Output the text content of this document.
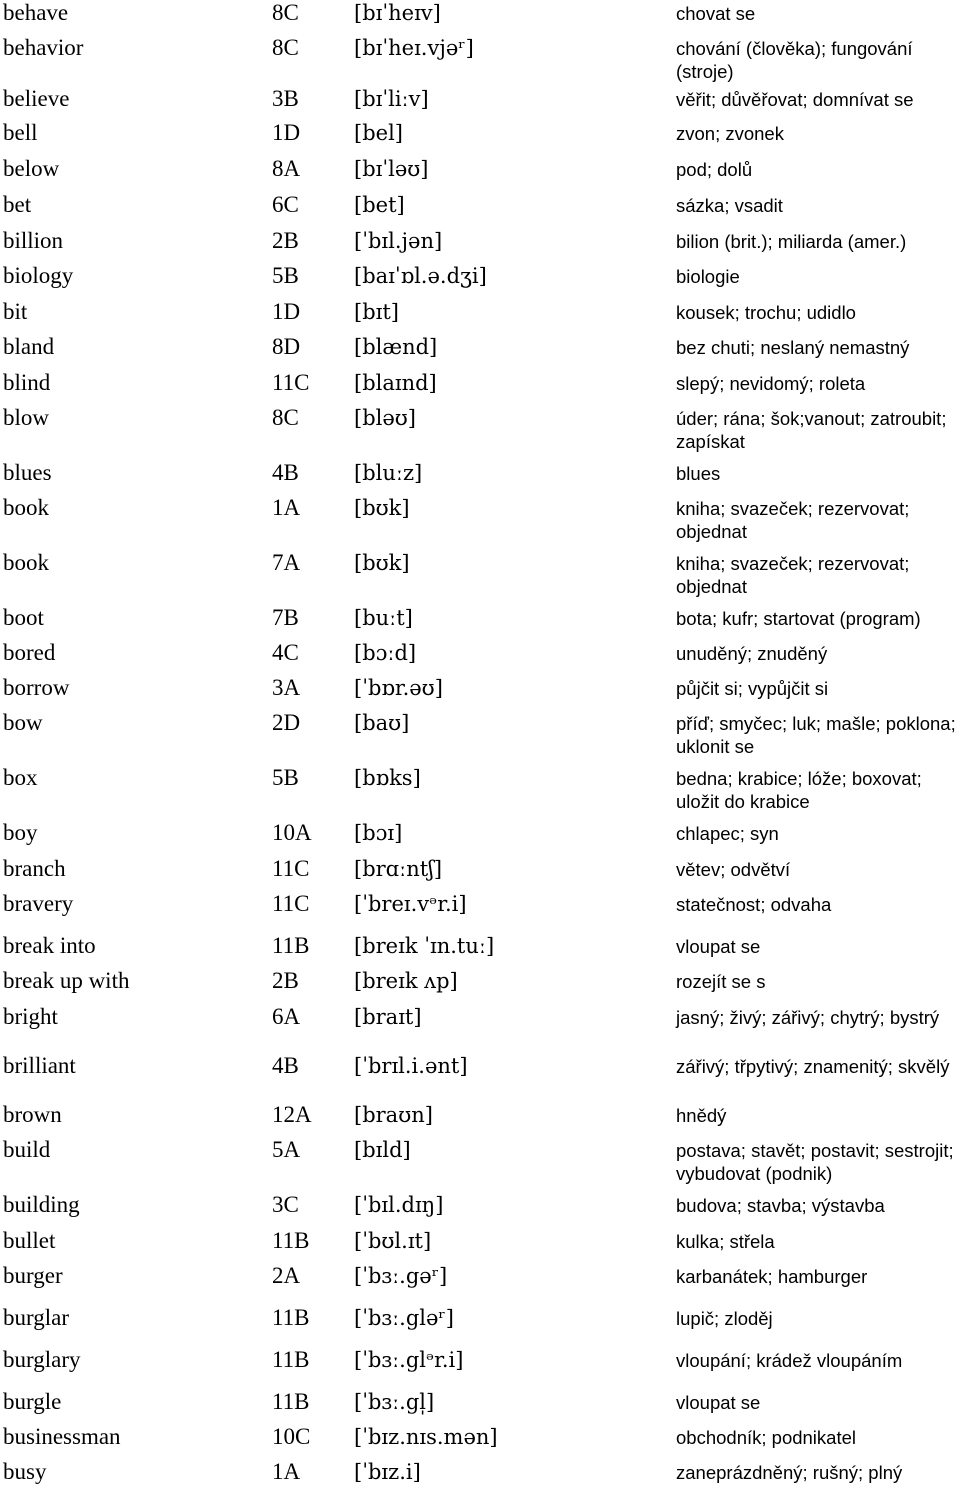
behave	8C	[bɪˈheɪv]	chovat se
behavior	8C	[bɪˈheɪ.vjəʳ]	chování (člověka); fungování (stroje)
believe	3B	[bɪˈliːv]	věřit; důvěřovat; domnívat se
bell	1D	[bel]	zvon; zvonek
below	8A	[bɪˈləʊ]	pod; dolů
bet	6C	[bet]	sázka; vsadit
billion	2B	[ˈbɪl.jən]	bilion (brit.); miliarda (amer.)
biology	5B	[baɪˈɒl.ə.dʒi]	biologie
bit	1D	[bɪt]	kousek; trochu; udidlo
bland	8D	[blænd]	bez chuti; neslaný nemastný
blind	11C [blaɪnd]	slepý; nevidomý; roleta
blow	8C	[bləʊ]	úder; rána; šok;vanout; zatroubit; zapískat
blues	4B	[bluːz]	blues
book	1A	[bʊk]	kniha; svazeček; rezervovat; objednat
book	7A	[bʊk]	kniha; svazeček; rezervovat; objednat
boot	7B	[buːt]	bota; kufr; startovat (program)
bored	4C	[bɔːd]	unuděný; znuděný
borrow	3A	[ˈbɒr.əʊ]	půjčit si; vypůjčit si
bow	2D	[baʊ]	příď; smyčec; luk; mašle; poklona; uklonit se
box	5B	[bɒks]	bedna; krabice; lóže; boxovat; uložit do krabice
boy	10A [bɔɪ]	chlapec; syn
branch	11C [brɑːntʃ]	větev; odvětví
bravery	11C [ˈbreɪ.vᵊr.i]	statečnost; odvaha
break into	11B [breɪk ˈɪn.tuː]	vloupat se
break up with	2B	[breɪk ʌp]	rozejít se s
bright	6A	[braɪt]	jasný; živý; zářivý; chytrý; bystrý
brilliant	4B	[ˈbrɪl.i.ənt]	zářivý; třpytivý; znamenitý; skvělý
brown	12A [braʊn]	hnědý
build	5A	[bɪld]	postava; stavět; postavit; sestrojit; vybudovat (podnik)
building	3C	[ˈbɪl.dɪŋ]	budova; stavba; výstavba
bullet	11B [ˈbʊl.ɪt]	kulka; střela
burger	2A	[ˈbɜː.gəʳ]	karbanátek; hamburger
burglar	11B [ˈbɜː.gləʳ]	lupič; zloděj
burglary	11B [ˈbɜː.glᵊr.i]	vloupání; krádež vloupáním
burgle	11B [ˈbɜː.gl̩]	vloupat se
businessman	10C [ˈbɪz.nɪs.mən]	obchodník; podnikatel
busy	1A	[ˈbɪz.i]	zaneprázdněný; rušný; plný
